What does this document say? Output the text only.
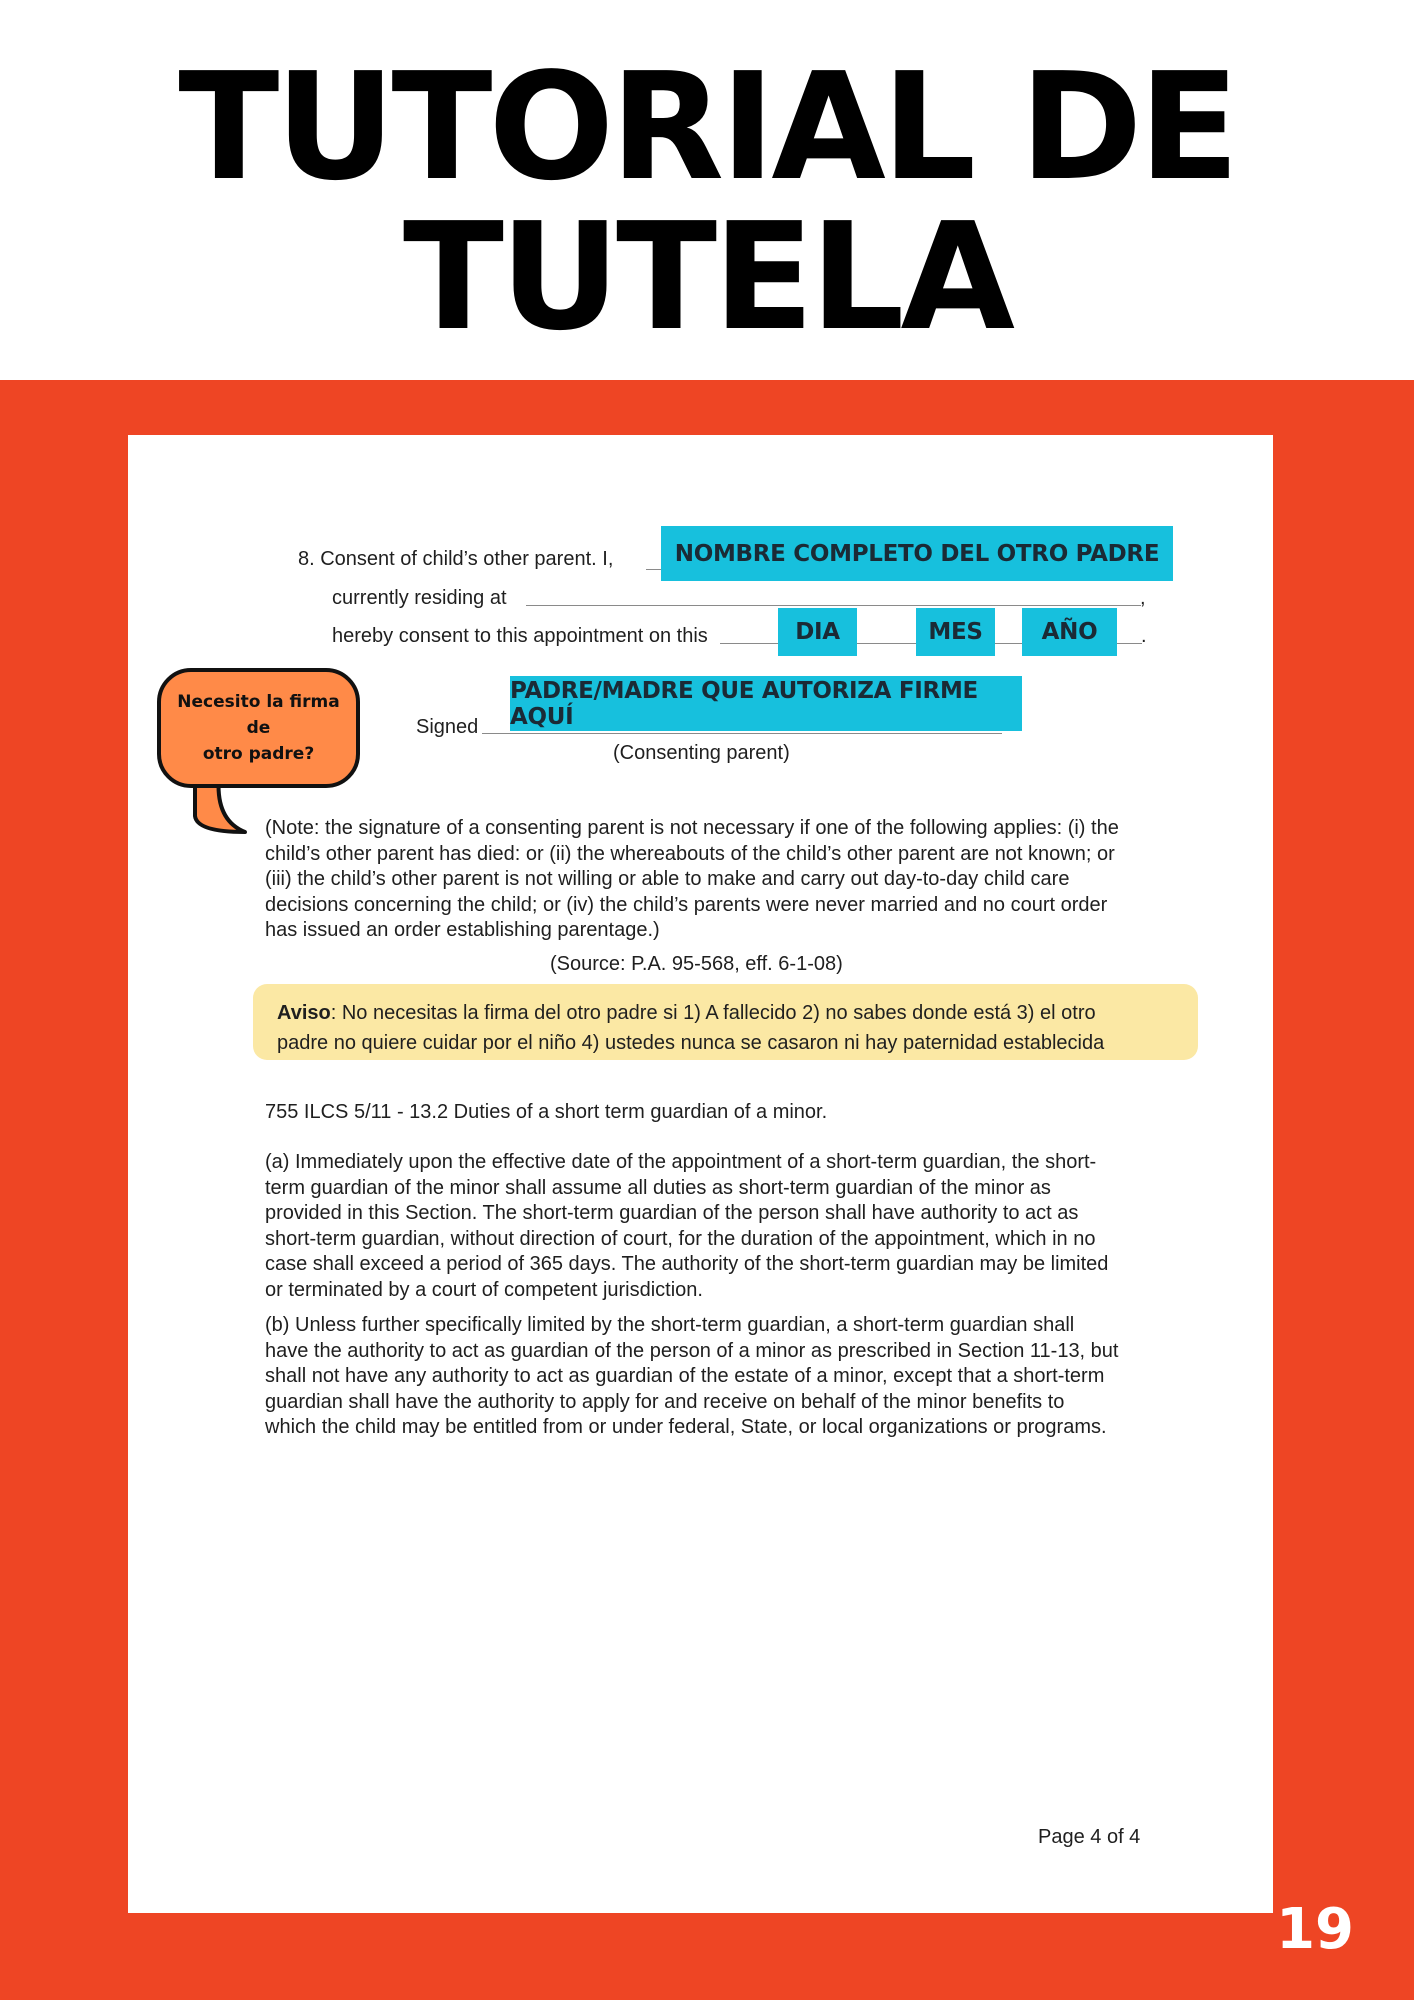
TUTORIAL DE
TUTELA
19
8. Consent of child’s other parent. I,	NOMBRE COMPLETO DEL OTRO PADRE
currently residing at	,
hereby consent to this appointment on this	DIA	MES	AÑO	.
Signed
PADRE/MADRE QUE AUTORIZA FIRME AQUÍ
(Consenting parent)
Necesito la firma de
otro padre?
(Note: the signature of a consenting parent is not necessary if one of the following applies: (i) the
child’s other parent has died: or (ii) the whereabouts of the child’s other parent are not known; or
(iii) the child’s other parent is not willing or able to make and carry out day-to-day child care
decisions concerning the child; or (iv) the child’s parents were never married and no court order
has issued an order establishing parentage.)
(Source: P.A. 95-568, eff. 6-1-08)
Aviso: No necesitas la firma del otro padre si 1) A fallecido 2) no sabes donde está 3) el otro
padre no quiere cuidar por el niño 4) ustedes nunca se casaron ni hay paternidad establecida
755 ILCS 5/11 - 13.2 Duties of a short term guardian of a minor.
(a) Immediately upon the effective date of the appointment of a short-term guardian, the short-
term guardian of the minor shall assume all duties as short-term guardian of the minor as
provided in this Section. The short-term guardian of the person shall have authority to act as
short-term guardian, without direction of court, for the duration of the appointment, which in no
case shall exceed a period of 365 days. The authority of the short-term guardian may be limited
or terminated by a court of competent jurisdiction.
(b) Unless further specifically limited by the short-term guardian, a short-term guardian shall
have the authority to act as guardian of the person of a minor as prescribed in Section 11-13, but
shall not have any authority to act as guardian of the estate of a minor, except that a short-term
guardian shall have the authority to apply for and receive on behalf of the minor benefits to
which the child may be entitled from or under federal, State, or local organizations or programs.
Page 4 of 4
